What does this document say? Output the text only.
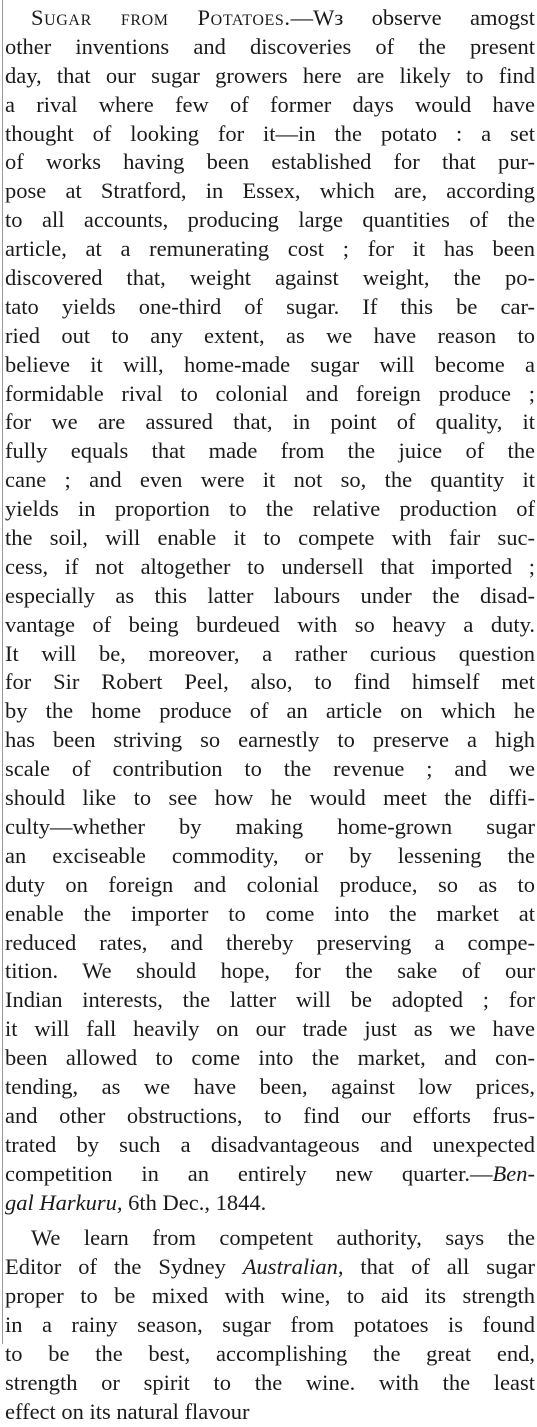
Sugar from Potatoes.—Wз observe amogst
other inventions and discoveries of the present
day, that our sugar growers here are likely to find
a rival where few of former days would have
thought of looking for it—in the potato : a set
of works having been established for that pur-
pose at Stratford, in Essex, which are, according
to all accounts, producing large quantities of the
article, at a remunerating cost ; for it has been
discovered that, weight against weight, the po-
tato yields one-third of sugar. If this be car-
ried out to any extent, as we have reason to
believe it will, home-made sugar will become a
formidable rival to colonial and foreign produce ;
for we are assured that, in point of quality, it
fully equals that made from the juice of the
cane ; and even were it not so, the quantity it
yields in proportion to the relative production of
the soil, will enable it to compete with fair suc-
cess, if not altogether to undersell that imported ;
especially as this latter labours under the disad-
vantage of being burdeued with so heavy a duty.
It will be, moreover, a rather curious question
for Sir Robert Peel, also, to find himself met
by the home produce of an article on which he
has been striving so earnestly to preserve a high
scale of contribution to the revenue ; and we
should like to see how he would meet the diffi-
culty—whether by making home-grown sugar
an exciseable commodity, or by lessening the
duty on foreign and colonial produce, so as to
enable the importer to come into the market at
reduced rates, and thereby preserving a compe-
tition. We should hope, for the sake of our
Indian interests, the latter will be adopted ; for
it will fall heavily on our trade just as we have
been allowed to come into the market, and con-
tending, as we have been, against low prices,
and other obstructions, to find our efforts frus-
trated by such a disadvantageous and unexpected
competition in an entirely new quarter.—Ben-
gal Harkuru, 6th Dec., 1844.
We learn from competent authority, says the
Editor of the Sydney Australian, that of all sugar
proper to be mixed with wine, to aid its strength
in a rainy season, sugar from potatoes is found
to be the best, accomplishing the great end,
strength or spirit to the wine. with the least
effect on its natural flavour
